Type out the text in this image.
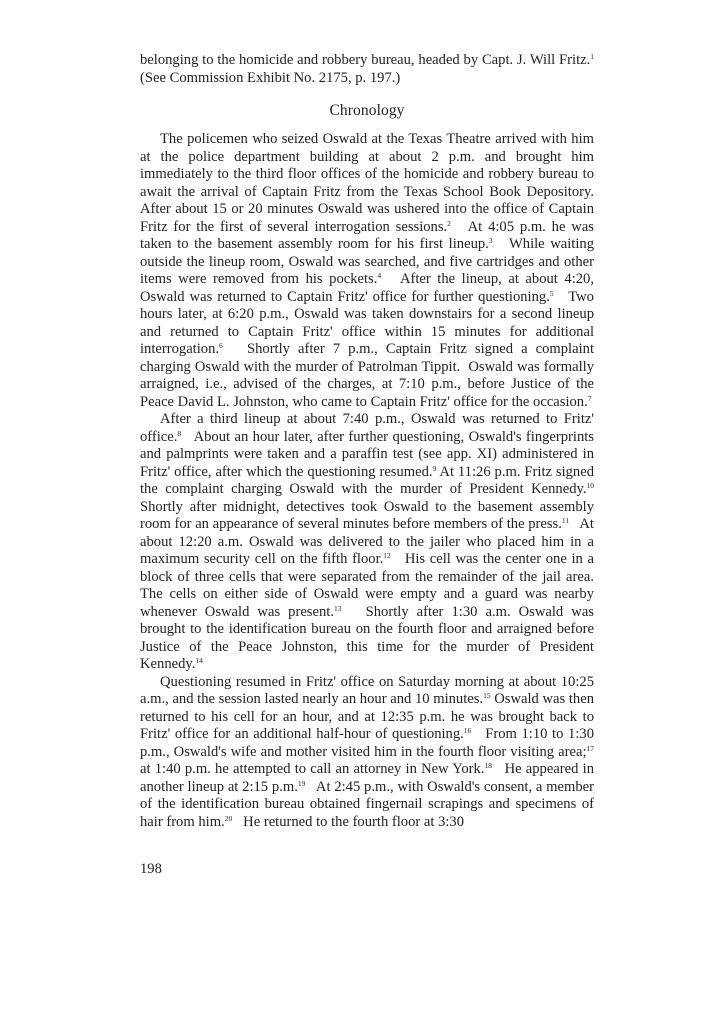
belonging to the homicide and robbery bureau, headed by Capt. J. Will Fritz.$^1$   (See Commission Exhibit No. 2175, p. 197.)

Chronology

The policemen who seized Oswald at the Texas Theatre arrived with him at the police department building at about 2 p.m. and brought him immediately to the third floor offices of the homicide and robbery bureau to await the arrival of Captain Fritz from the Texas School Book Depository.   After about 15 or 20 minutes Oswald was ushered into the office of Captain Fritz for the first of several interrogation sessions.$^2$   At 4:05 p.m. he was taken to the basement assembly room for his first lineup.$^3$   While waiting outside the lineup room, Oswald was searched, and five cartridges and other items were removed from his pockets.$^4$   After the lineup, at about 4:20, Oswald was returned to Captain Fritz' office for further questioning.$^5$   Two hours later, at 6:20 p.m., Oswald was taken downstairs for a second lineup and returned to Captain Fritz' office within 15 minutes for additional interrogation.$^6$   Shortly after 7 p.m., Captain Fritz signed a complaint charging Oswald with the murder of Patrolman Tippit.  Oswald was formally arraigned, i.e., advised of the charges, at 7:10 p.m., before Justice of the Peace David L. Johnston, who came to Captain Fritz' office for the occasion.$^7$

After a third lineup at about 7:40 p.m., Oswald was returned to Fritz' office.$^8$   About an hour later, after further questioning, Oswald's fingerprints and palmprints were taken and a paraffin test (see app. XI) administered in Fritz' office, after which the questioning resumed.$^9$ At 11:26 p.m. Fritz signed the complaint charging Oswald with the murder of President Kennedy.$^{10}$   Shortly after midnight, detectives took Oswald to the basement assembly room for an appearance of several minutes before members of the press.$^{11}$   At about 12:20 a.m. Oswald was delivered to the jailer who placed him in a maximum security cell on the fifth floor.$^{12}$   His cell was the center one in a block of three cells that were separated from the remainder of the jail area. The cells on either side of Oswald were empty and a guard was nearby whenever Oswald was present.$^{13}$   Shortly after 1:30 a.m. Oswald was brought to the identification bureau on the fourth floor and arraigned before Justice of the Peace Johnston, this time for the murder of President Kennedy.$^{14}$

Questioning resumed in Fritz' office on Saturday morning at about 10:25 a.m., and the session lasted nearly an hour and 10 minutes.$^{15}$ Oswald was then returned to his cell for an hour, and at 12:35 p.m. he was brought back to Fritz' office for an additional half-hour of questioning.$^{16}$   From 1:10 to 1:30 p.m., Oswald's wife and mother visited him in the fourth floor visiting area;$^{17}$ at 1:40 p.m. he attempted to call an attorney in New York.$^{18}$   He appeared in another lineup at 2:15 p.m.$^{19}$   At 2:45 p.m., with Oswald's consent, a member of the identification bureau obtained fingernail scrapings and specimens of hair from him.$^{20}$   He returned to the fourth floor at 3:30

198
